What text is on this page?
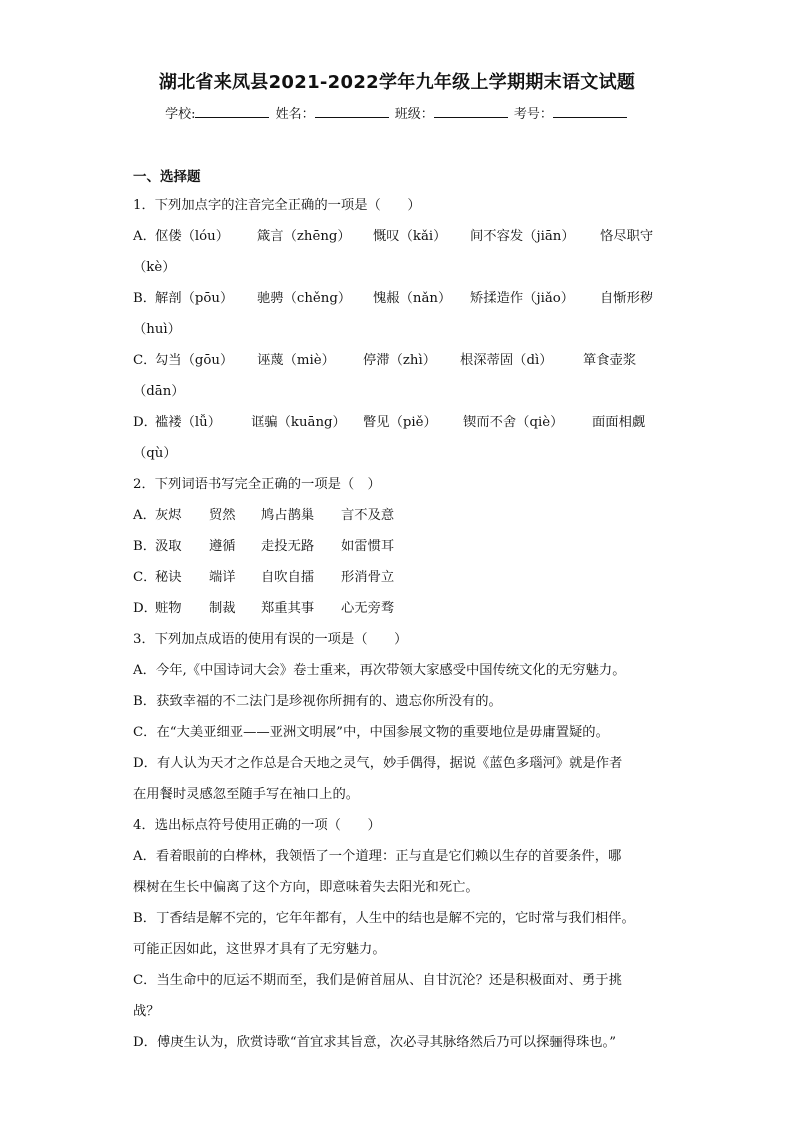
湖北省来凤县2021-2022学年九年级上学期期末语文试题
学校:	姓名：	班级：	考号：
一、选择题
1．下列加点字的注音完全正确的一项是（　　）
A． 伛偻（lóu） 箴言（zhēng） 慨叹（kǎi） 间不容发（jiān） 恪尽职守
（kè）
B．
解剖（pōu） 驰骋（chěng） 愧赧（nǎn） 矫揉造作（jiǎo） 自惭形秽
（huì）
C．
勾当（gōu） 诬蔑（miè） 停滞（zhì） 根深蒂固（dì） 箪食壶浆
（dān）
D．
褴褛（lǚ） 诓骗（kuāng） 瞥见（piě） 锲而不舍（qiè） 面面相觑
（qù）
2．下列词语书写完全正确的一项是（　）
A． 灰烬 贸然 鸠占鹊巢 言不及意
B．
汲取 遵循 走投无路 如雷惯耳
C．
秘诀 端详 自吹自擂 形消骨立
D．
赃物 制裁 郑重其事 心无旁骛
3．下列加点成语的使用有误的一项是（　　）
A．今年,《中国诗词大会》卷士重来，再次带领大家感受中国传统文化的无穷魅力。
B．获致幸福的不二法门是珍视你所拥有的、遗忘你所没有的。
C．在“大美亚细亚——亚洲文明展”中，中国参展文物的重要地位是毋庸置疑的。
D．有人认为天才之作总是合天地之灵气，妙手偶得，据说《蓝色多瑙河》就是作者
在用餐时灵感忽至随手写在袖口上的。
4．选出标点符号使用正确的一项（　　）
A．看着眼前的白桦林，我领悟了一个道理：正与直是它们赖以生存的首要条件，哪
棵树在生长中偏离了这个方向，即意味着失去阳光和死亡。
B．丁香结是解不完的，它年年都有，人生中的结也是解不完的，它时常与我们相伴。
可能正因如此，这世界才具有了无穷魅力。
C．当生命中的厄运不期而至，我们是俯首屈从、自甘沉沦？还是积极面对、勇于挑
战？
D．傅庚生认为，欣赏诗歌“首宜求其旨意，次必寻其脉络然后乃可以探骊得珠也。”
